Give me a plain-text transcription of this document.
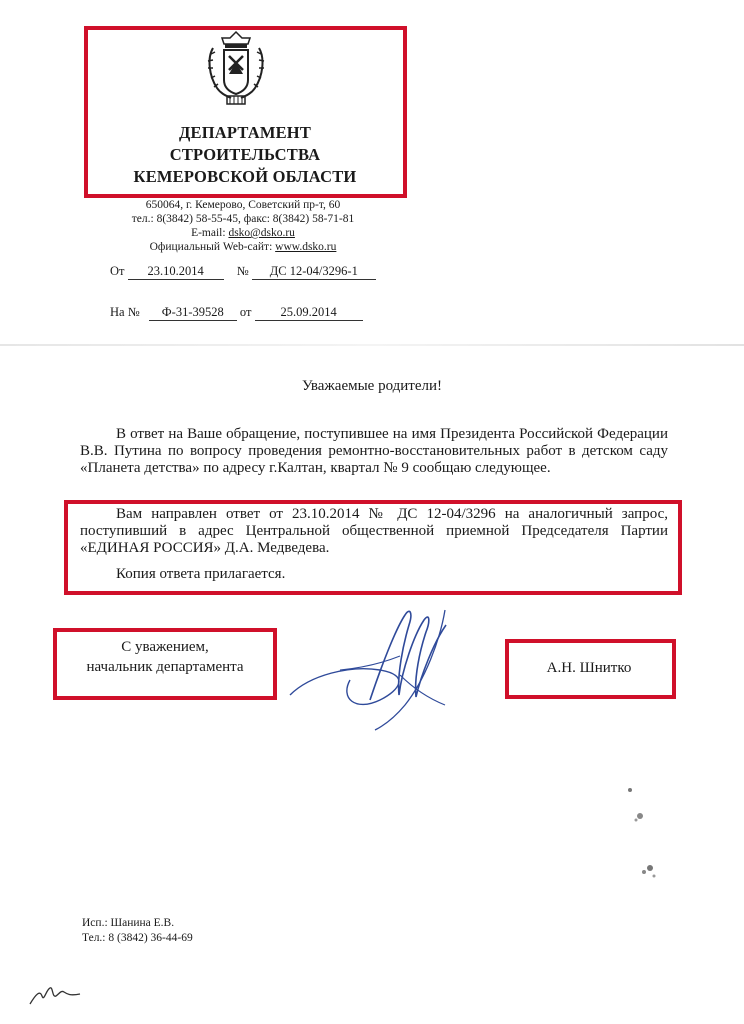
ДЕПАРТАМЕНТ
СТРОИТЕЛЬСТВА
КЕМЕРОВСКОЙ ОБЛАСТИ
650064, г. Кемерово, Советский пр-т, 60
тел.: 8(3842) 58-55-45, факс: 8(3842) 58-71-81
E-mail: dsko@dsko.ru
Официальный Web-сайт: www.dsko.ru
От 23.10.2014	№ ДС 12-04/3296-1
На № Ф-31-39528 от 25.09.2014
Уважаемые родители!
В ответ на Ваше обращение, поступившее на имя Президента Российской Федерации В.В. Путина по вопросу проведения ремонтно-восстановительных работ в детском саду «Планета детства» по адресу г.Калтан, квартал № 9 сообщаю следующее.
Вам направлен ответ от 23.10.2014 № ДС 12-04/3296 на аналогичный запрос, поступивший в адрес Центральной общественной приемной Председателя Партии «ЕДИНАЯ РОССИЯ» Д.А. Медведева.
Копия ответа прилагается.
С уважением,
начальник департамента	А.Н. Шнитко
Исп.: Шанина Е.В.
Тел.: 8 (3842) 36-44-69
